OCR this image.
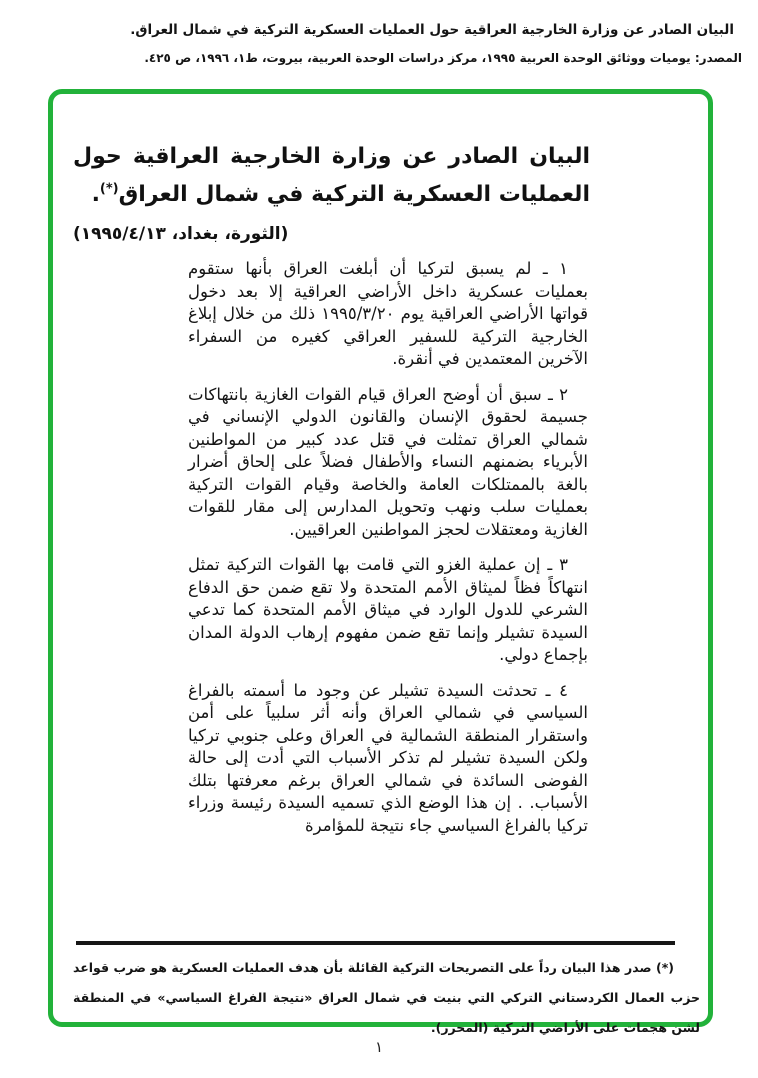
البيان الصادر عن وزارة الخارجية العراقية حول العمليات العسكرية التركية في شمال العراق.
المصدر: يوميات ووثائق الوحدة العربية ١٩٩٥، مركز دراسات الوحدة العربية، بيروت، ط١، ١٩٩٦، ص ٤٢٥.
البيان الصادر عن وزارة الخارجية العراقية حول العمليات العسكرية التركية في شمال العراق(*).
(الثورة، بغداد، ١٩٩٥/٤/١٣)

١ ـ لم يسبق لتركيا أن أبلغت العراق بأنها ستقوم بعمليات عسكرية داخل الأراضي العراقية إلا بعد دخول قواتها الأراضي العراقية يوم ١٩٩٥/٣/٢٠ ذلك من خلال إبلاغ الخارجية التركية للسفير العراقي كغيره من السفراء الآخرين المعتمدين في أنقرة.

٢ ـ سبق أن أوضح العراق قيام القوات الغازية بانتهاكات جسيمة لحقوق الإنسان والقانون الدولي الإنساني في شمالي العراق تمثلت في قتل عدد كبير من المواطنين الأبرياء بضمنهم النساء والأطفال فضلاً على إلحاق أضرار بالغة بالممتلكات العامة والخاصة وقيام القوات التركية بعمليات سلب ونهب وتحويل المدارس إلى مقار للقوات الغازية ومعتقلات لحجز المواطنين العراقيين.

٣ ـ إن عملية الغزو التي قامت بها القوات التركية تمثل انتهاكاً فظاً لميثاق الأمم المتحدة ولا تقع ضمن حق الدفاع الشرعي للدول الوارد في ميثاق الأمم المتحدة كما تدعي السيدة تشيلر وإنما تقع ضمن مفهوم إرهاب الدولة المدان بإجماع دولي.

٤ ـ تحدثت السيدة تشيلر عن وجود ما أسمته بالفراغ السياسي في شمالي العراق وأنه أثر سلبياً على أمن واستقرار المنطقة الشمالية في العراق وعلى جنوبي تركيا ولكن السيدة تشيلر لم تذكر الأسباب التي أدت إلى حالة الفوضى السائدة في شمالي العراق برغم معرفتها بتلك الأسباب. . إن هذا الوضع الذي تسميه السيدة رئيسة وزراء تركيا بالفراغ السياسي جاء نتيجة للمؤامرة

(*) صدر هذا البيان رداً على التصريحات التركية القائلة بأن هدف العمليات العسكرية هو ضرب قواعد حزب العمال الكردستاني التركي التي بنيت في شمال العراق «نتيجة الفراغ السياسي» في المنطقة لشن هجمات على الأراضي التركية (المحرر).
١
